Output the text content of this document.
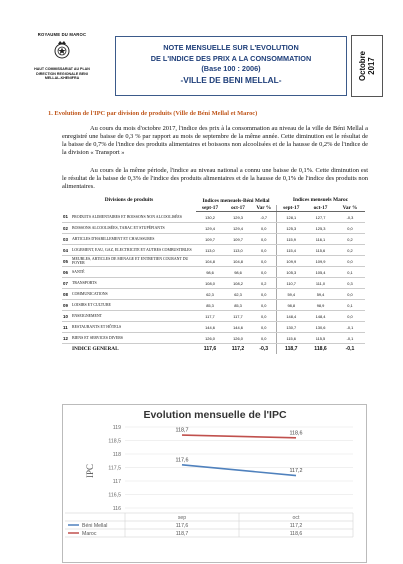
ROYAUME DU MAROC
HAUT COMMISSARIAT AU PLAN
DIRECTION REGIONALE BENI
MELLAL-KHENIFRA
NOTE MENSUELLE SUR L'EVOLUTION
DE L'INDICE DES PRIX A LA CONSOMMATION
(Base 100 : 2006)
-VILLE DE BENI MELLAL-	Octobre
2017
1. Evolution de l'IPC par division de produits (Ville de Béni Mellal et Maroc)
Au cours du mois d'octobre 2017, l'indice des prix à la consommation au niveau de la ville de Béni Mellal a enregistré une baisse de 0,3 % par rapport au mois de septembre de la même année. Cette diminution est le résultat de la baisse de 0,7% de l'indice des produits alimentaires et boissons non alcoolisées et de la hausse de 0,2% de l'indice de la division « Transport »
Au cours de la même période, l'indice au niveau national a connu une baisse de 0,1%. Cette diminution est le résultat de la baisse de 0,3% de l'indice des produits alimentaires et de la hausse de 0,1% de l'indice des produits non alimentaires.
Divisions de produits		Indices mensuels-Béni Mellal			Indices mensuels Maroc		

		sept-17	oct-17	Var %	sept-17	oct-17	Var %
01	PRODUITS ALIMENTAIRES ET BOISSONS NON ALCOOLISÉES	130,2	129,3	-0,7	128,1	127,7	-0,3
02	BOISSONS ALCOOLISÉES, TABAC ET STUPÉFIANTS	129,4	129,4	0,0	125,3	125,3	0,0
03	ARTICLES D'HABILLEMENT ET CHAUSSURES	109,7	109,7	0,0	115,9	116,1	0,2
04	LOGEMENT, EAU, GAZ, ELECTRICITE ET AUTRES COMBUSTIBLES	113,0	113,0	0,0	115,4	115,6	0,2
05	MEUBLES, ARTICLES DE MENAGE ET ENTRETIEN COURANT DU FOYER	104,8	104,8	0,0	109,9	109,9	0,0
06	SANTÉ	98,6	98,6	0,0	105,3	105,4	0,1
07	TRANSPORTS	108,0	108,2	0,2	110,7	111,0	0,3
08	COMMUNICATIONS	62,3	62,3	0,0	59,4	59,4	0,0
09	LOISIRS ET CULTURE	85,3	85,3	0,0	98,8	98,9	0,1
10	ENSEIGNEMENT	117,7	117,7	0,0	148,4	148,4	0,0
11	RESTAURANTS ET HÔTELS	144,6	144,6	0,0	130,7	130,6	-0,1
12	BIENS ET SERVICES DIVERS	126,0	126,0	0,0	115,6	115,5	-0,1
INDICE GENERAL		117,6	117,2	-0,3	118,7	118,6	-0,1
Evolution mensuelle de l'IPC
IPC
116
116,5
117
117,5
118
118,5
119
117,6
117,2
118,7	118,6
sep	oct
Béni Mellal	117,6	117,2
Maroc	118,7	118,6
